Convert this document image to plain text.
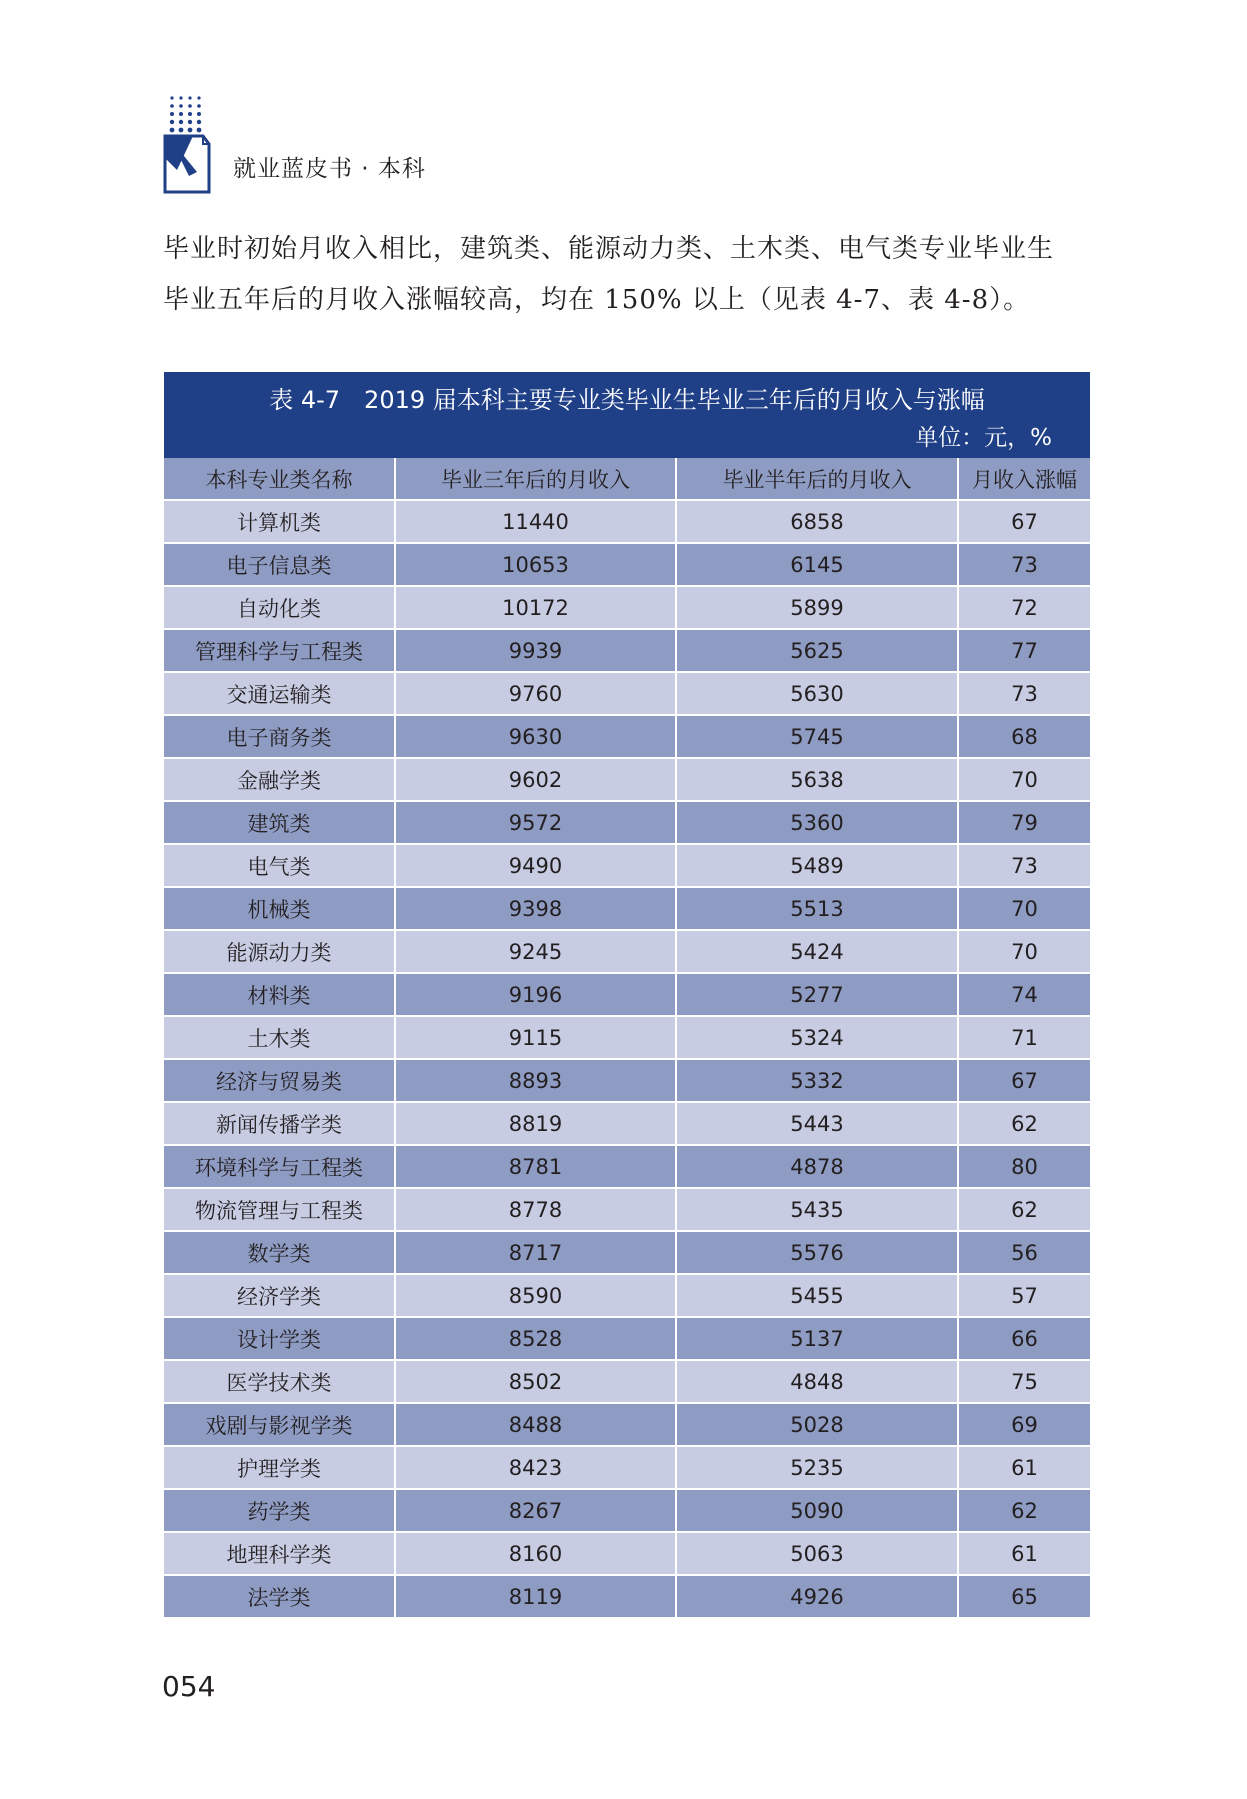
就业蓝皮书 · 本科

毕业时初始月收入相比，建筑类、能源动力类、土木类、电气类专业毕业生

毕业五年后的月收入涨幅较高，均在 150% 以上（见表 4-7、表 4-8）。

表 4-7　2019 届本科主要专业类毕业生毕业三年后的月收入与涨幅
单位：元，%
本科专业类名称	毕业三年后的月收入	毕业半年后的月收入	月收入涨幅
计算机类	11440	6858	67
电子信息类	10653	6145	73
自动化类	10172	5899	72
管理科学与工程类	9939	5625	77
交通运输类	9760	5630	73
电子商务类	9630	5745	68
金融学类	9602	5638	70
建筑类	9572	5360	79
电气类	9490	5489	73
机械类	9398	5513	70
能源动力类	9245	5424	70
材料类	9196	5277	74
土木类	9115	5324	71
经济与贸易类	8893	5332	67
新闻传播学类	8819	5443	62
环境科学与工程类	8781	4878	80
物流管理与工程类	8778	5435	62
数学类	8717	5576	56
经济学类	8590	5455	57
设计学类	8528	5137	66
医学技术类	8502	4848	75
戏剧与影视学类	8488	5028	69
护理学类	8423	5235	61
药学类	8267	5090	62
地理科学类	8160	5063	61
法学类	8119	4926	65
054
